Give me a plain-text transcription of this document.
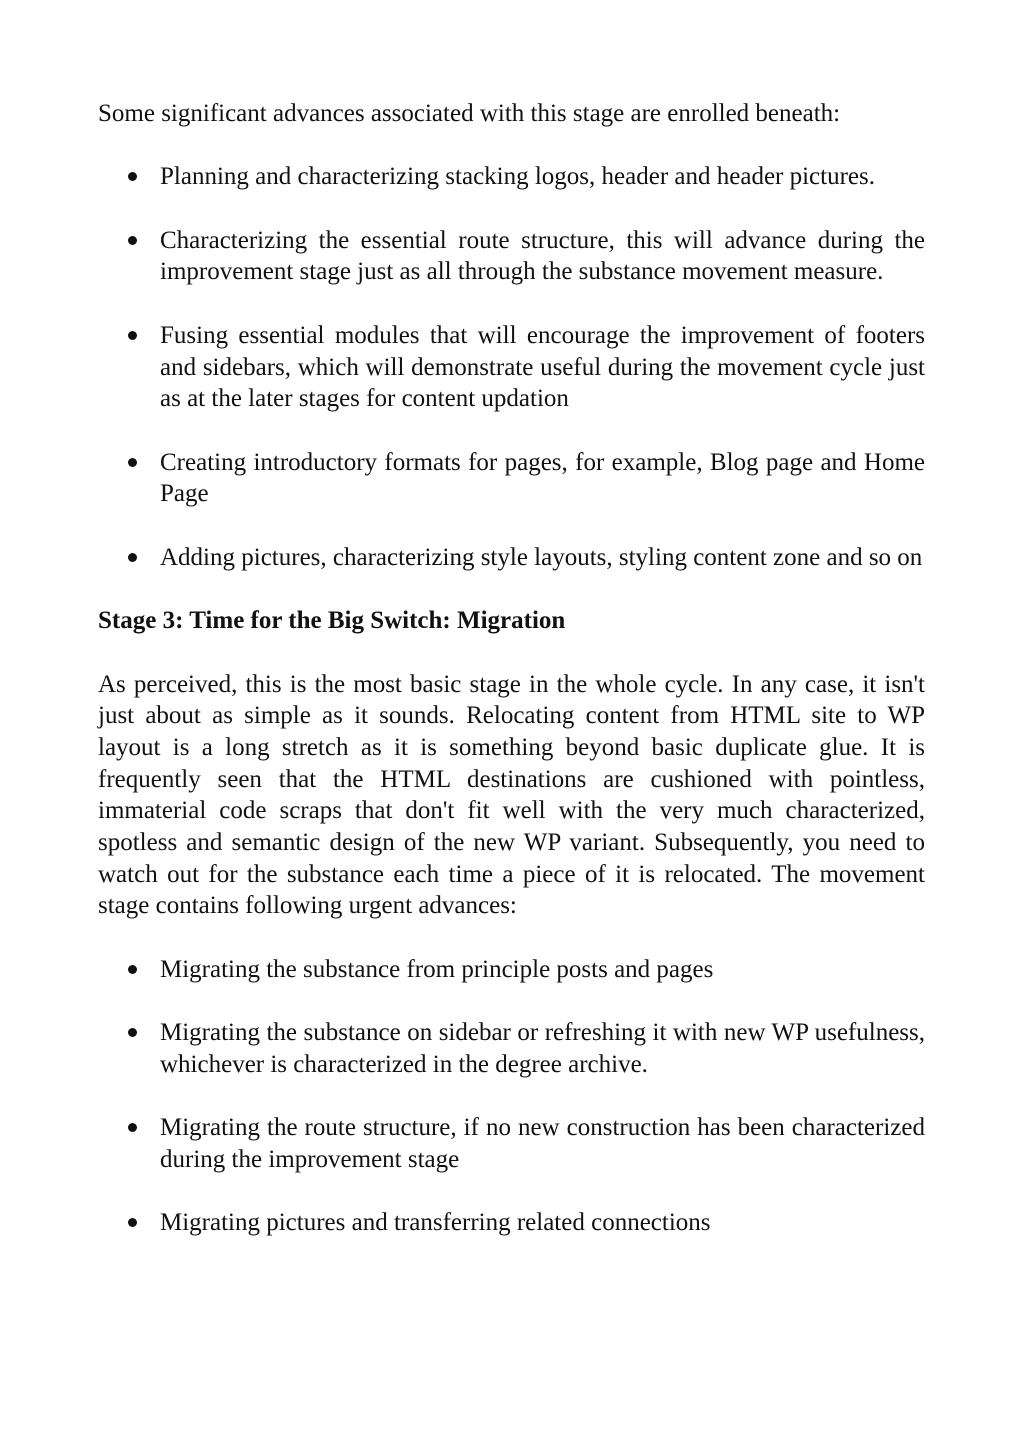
Some significant advances associated with this stage are enrolled beneath:

Planning and characterizing stacking logos, header and header pictures.
Characterizing the essential route structure, this will advance during the improvement stage just as all through the substance movement measure.
Fusing essential modules that will encourage the improvement of footers and sidebars, which will demonstrate useful during the movement cycle just as at the later stages for content updation
Creating introductory formats for pages, for example, Blog page and Home Page
Adding pictures, characterizing style layouts, styling content zone and so on

Stage 3: Time for the Big Switch: Migration

As perceived, this is the most basic stage in the whole cycle. In any case, it isn't just about as simple as it sounds. Relocating content from HTML site to WP layout is a long stretch as it is something beyond basic duplicate glue. It is frequently seen that the HTML destinations are cushioned with pointless, immaterial code scraps that don't fit well with the very much characterized, spotless and semantic design of the new WP variant. Subsequently, you need to watch out for the substance each time a piece of it is relocated. The movement stage contains following urgent advances:

Migrating the substance from principle posts and pages
Migrating the substance on sidebar or refreshing it with new WP usefulness, whichever is characterized in the degree archive.
Migrating the route structure, if no new construction has been characterized during the improvement stage
Migrating pictures and transferring related connections
